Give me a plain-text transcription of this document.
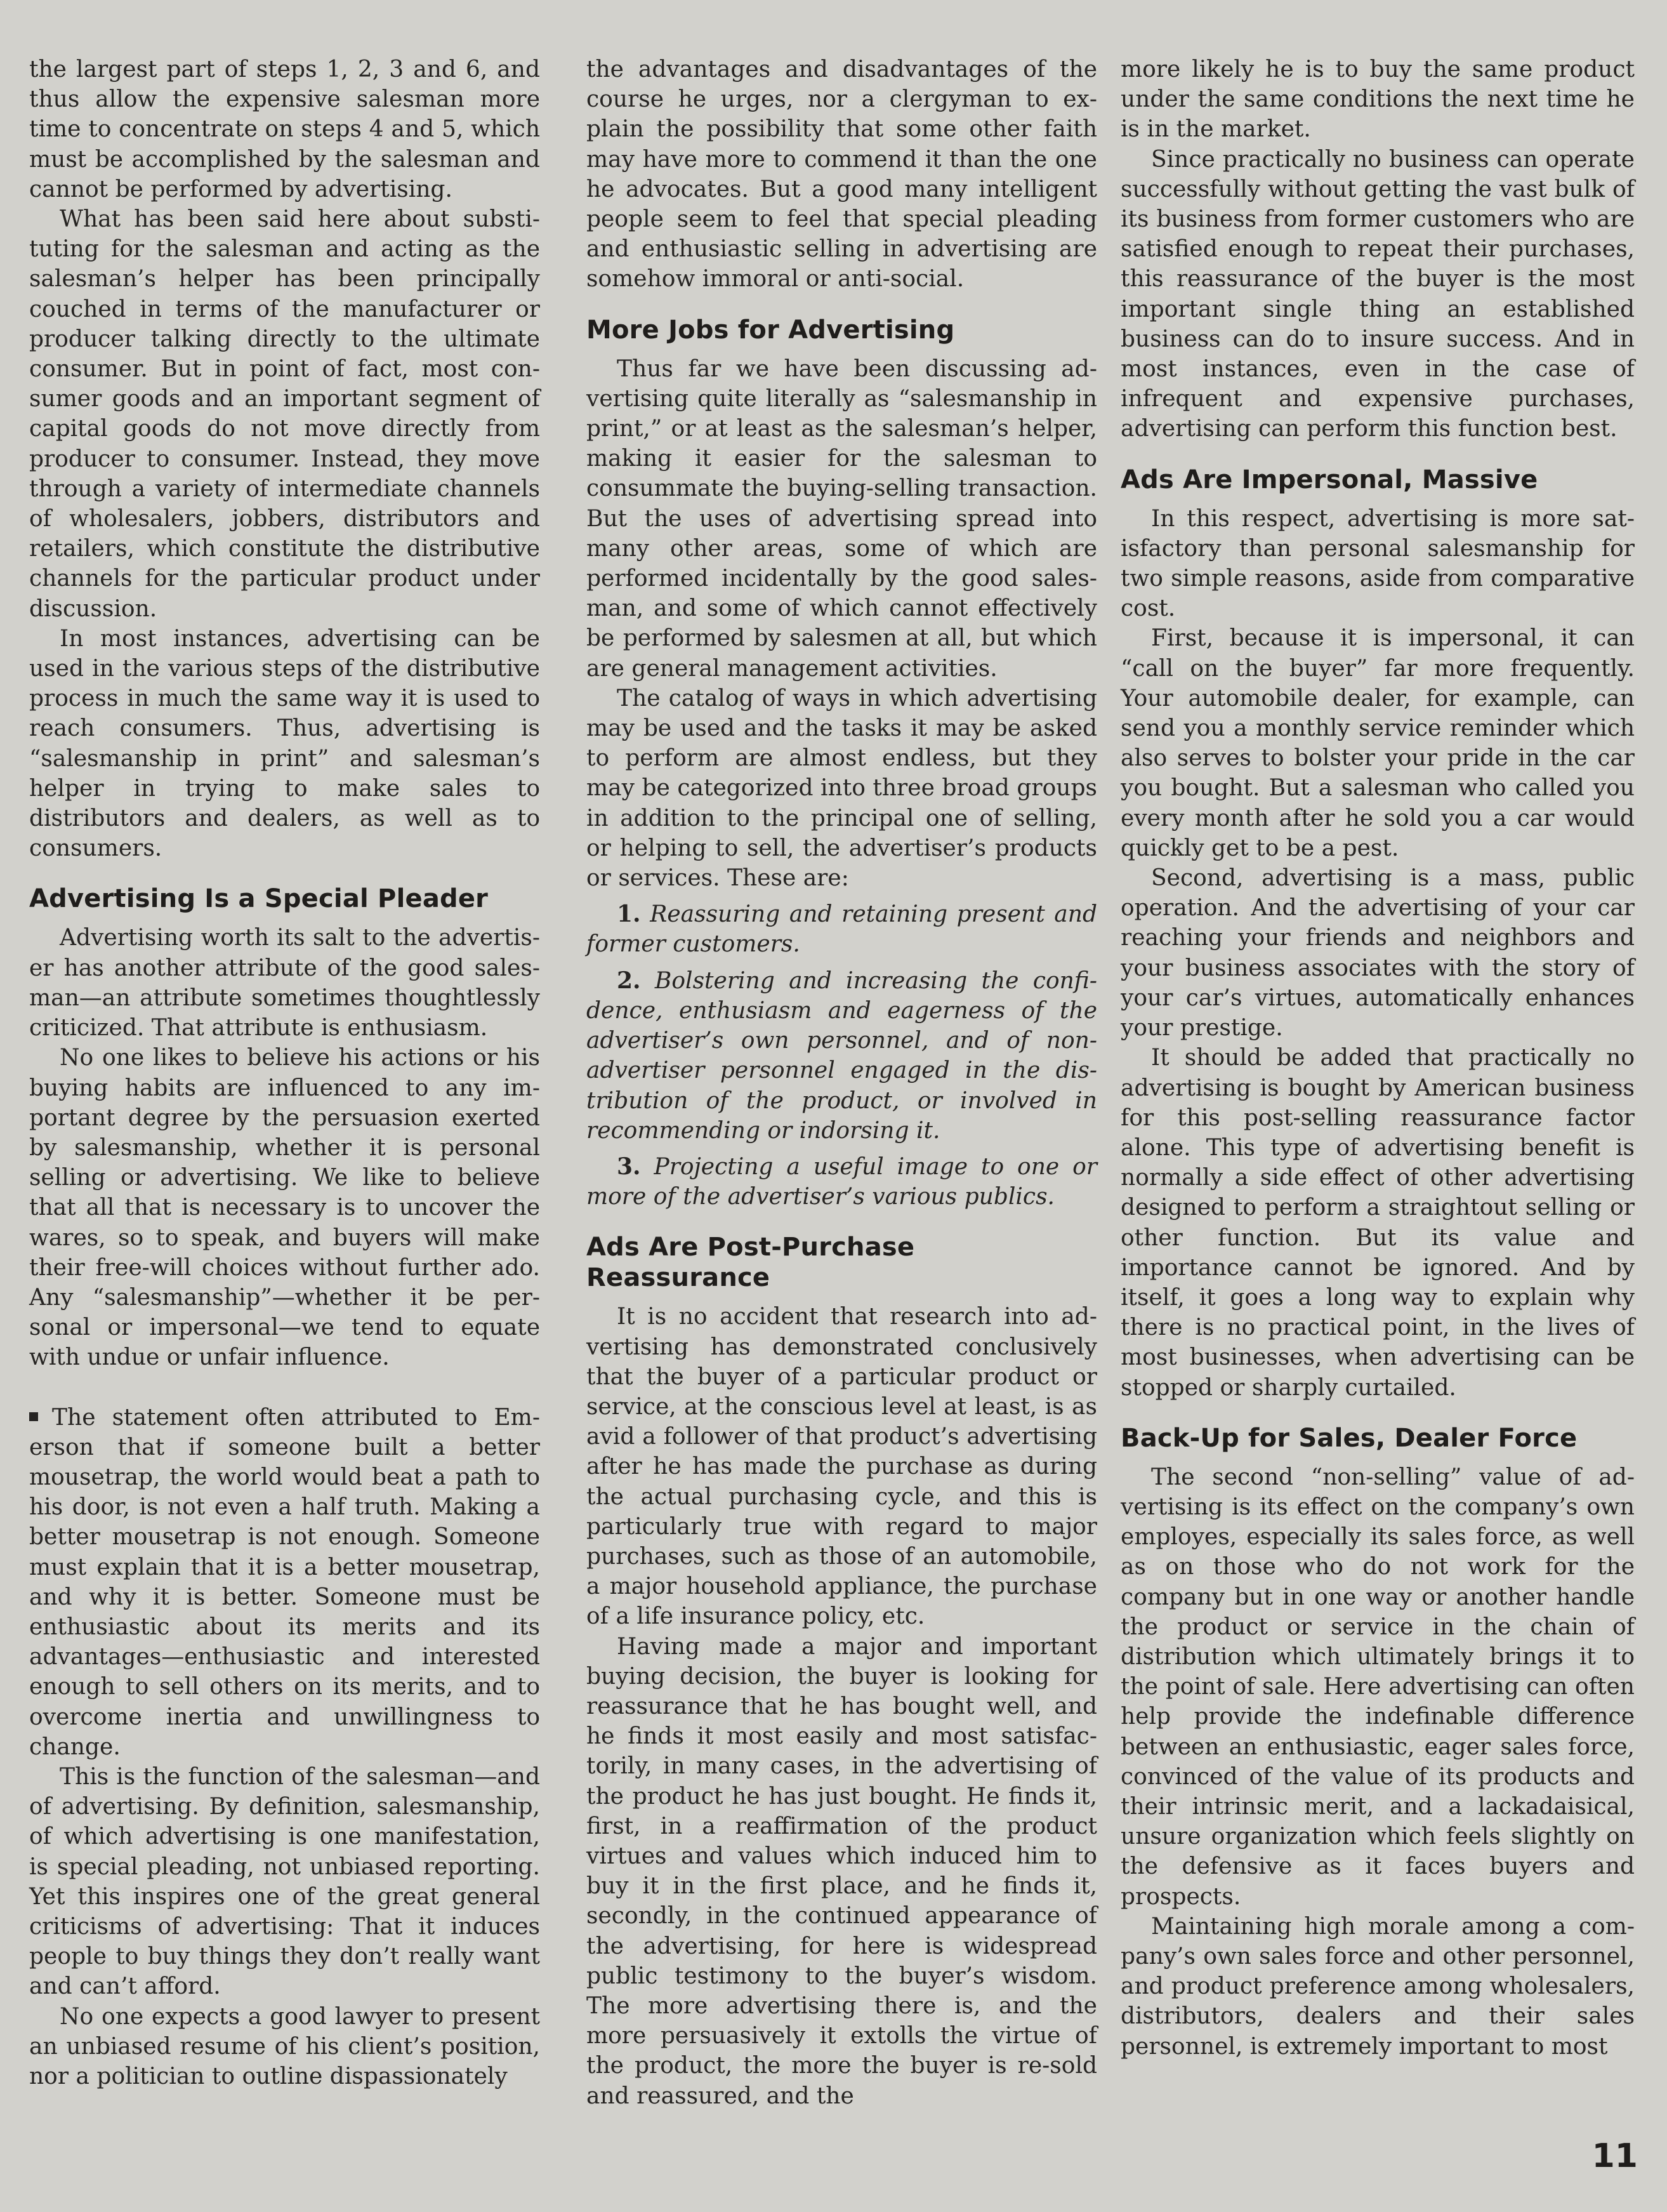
the largest part of steps 1, 2, 3 and 6, and thus allow the expensive salesman more time to concentrate on steps 4 and 5, which must be accomplished by the salesman and cannot be performed by advertising.

What has been said here about substituting for the salesman and acting as the salesman’s helper has been principally couched in terms of the manufacturer or producer talking directly to the ultimate consumer. But in point of fact, most consumer goods and an important segment of capital goods do not move directly from producer to consumer. Instead, they move through a variety of intermediate channels of wholesalers, jobbers, distributors and retailers, which constitute the distributive channels for the particular product under discussion.

In most instances, advertising can be used in the various steps of the distributive process in much the same way it is used to reach consumers. Thus, advertising is “salesmanship in print” and salesman’s helper in trying to make sales to distributors and dealers, as well as to consumers.

Advertising Is a Special Pleader

Advertising worth its salt to the advertiser has another attribute of the good salesman—an attribute sometimes thoughtlessly criticized. That attribute is enthusiasm.

No one likes to believe his actions or his buying habits are influenced to any important degree by the persuasion exerted by salesmanship, whether it is personal selling or advertising. We like to believe that all that is necessary is to uncover the wares, so to speak, and buyers will make their free-will choices without further ado. Any “salesmanship”—whether it be personal or impersonal—we tend to equate with undue or unfair influence.

The statement often attributed to Emerson that if someone built a better mousetrap, the world would beat a path to his door, is not even a half truth. Making a better mousetrap is not enough. Someone must explain that it is a better mousetrap, and why it is better. Someone must be enthusiastic about its merits and its advantages—enthusiastic and interested enough to sell others on its merits, and to overcome inertia and unwillingness to change.

This is the function of the salesman—and of advertising. By definition, salesmanship, of which advertising is one manifestation, is special pleading, not unbiased reporting. Yet this inspires one of the great general criticisms of advertising: That it induces people to buy things they don’t really want and can’t afford.

No one expects a good lawyer to present an unbiased resume of his client’s position, nor a politician to outline dispassionately

the advantages and disadvantages of the course he urges, nor a clergyman to explain the possibility that some other faith may have more to commend it than the one he advocates. But a good many intelligent people seem to feel that special pleading and enthusiastic selling in advertising are somehow immoral or anti-social.

More Jobs for Advertising

Thus far we have been discussing advertising quite literally as “salesmanship in print,” or at least as the salesman’s helper, making it easier for the salesman to consummate the buying-selling transaction. But the uses of advertising spread into many other areas, some of which are performed incidentally by the good salesman, and some of which cannot effectively be performed by salesmen at all, but which are general management activities.

The catalog of ways in which advertising may be used and the tasks it may be asked to perform are almost endless, but they may be categorized into three broad groups in addition to the principal one of selling, or helping to sell, the advertiser’s products or services. These are:

1. Reassuring and retaining present and former customers.

2. Bolstering and increasing the confidence, enthusiasm and eagerness of the advertiser’s own personnel, and of non-advertiser personnel engaged in the distribution of the product, or involved in recommending or indorsing it.

3. Projecting a useful image to one or more of the advertiser’s various publics.

Ads Are Post-Purchase Reassurance

It is no accident that research into advertising has demonstrated conclusively that the buyer of a particular product or service, at the conscious level at least, is as avid a follower of that product’s advertising after he has made the purchase as during the actual purchasing cycle, and this is particularly true with regard to major purchases, such as those of an automobile, a major household appliance, the purchase of a life insurance policy, etc.

Having made a major and important buying decision, the buyer is looking for reassurance that he has bought well, and he finds it most easily and most satisfactorily, in many cases, in the advertising of the product he has just bought. He finds it, first, in a reaffirmation of the product virtues and values which induced him to buy it in the first place, and he finds it, secondly, in the continued appearance of the advertising, for here is widespread public testimony to the buyer’s wisdom. The more advertising there is, and the more persuasively it extolls the virtue of the product, the more the buyer is re-sold and reassured, and the

more likely he is to buy the same product under the same conditions the next time he is in the market.

Since practically no business can operate successfully without getting the vast bulk of its business from former customers who are satisfied enough to repeat their purchases, this reassurance of the buyer is the most important single thing an established business can do to insure success. And in most instances, even in the case of infrequent and expensive purchases, advertising can perform this function best.

Ads Are Impersonal, Massive

In this respect, advertising is more satisfactory than personal salesmanship for two simple reasons, aside from comparative cost.

First, because it is impersonal, it can “call on the buyer” far more frequently. Your automobile dealer, for example, can send you a monthly service reminder which also serves to bolster your pride in the car you bought. But a salesman who called you every month after he sold you a car would quickly get to be a pest.

Second, advertising is a mass, public operation. And the advertising of your car reaching your friends and neighbors and your business associates with the story of your car’s virtues, automatically enhances your prestige.

It should be added that practically no advertising is bought by American business for this post-selling reassurance factor alone. This type of advertising benefit is normally a side effect of other advertising designed to perform a straightout selling or other function. But its value and importance cannot be ignored. And by itself, it goes a long way to explain why there is no practical point, in the lives of most businesses, when advertising can be stopped or sharply curtailed.

Back-Up for Sales, Dealer Force

The second “non-selling” value of advertising is its effect on the company’s own employes, especially its sales force, as well as on those who do not work for the company but in one way or another handle the product or service in the chain of distribution which ultimately brings it to the point of sale. Here advertising can often help provide the indefinable difference between an enthusiastic, eager sales force, convinced of the value of its products and their intrinsic merit, and a lackadaisical, unsure organization which feels slightly on the defensive as it faces buyers and prospects.

Maintaining high morale among a company’s own sales force and other personnel, and product preference among wholesalers, distributors, dealers and their sales personnel, is extremely important to most

11
